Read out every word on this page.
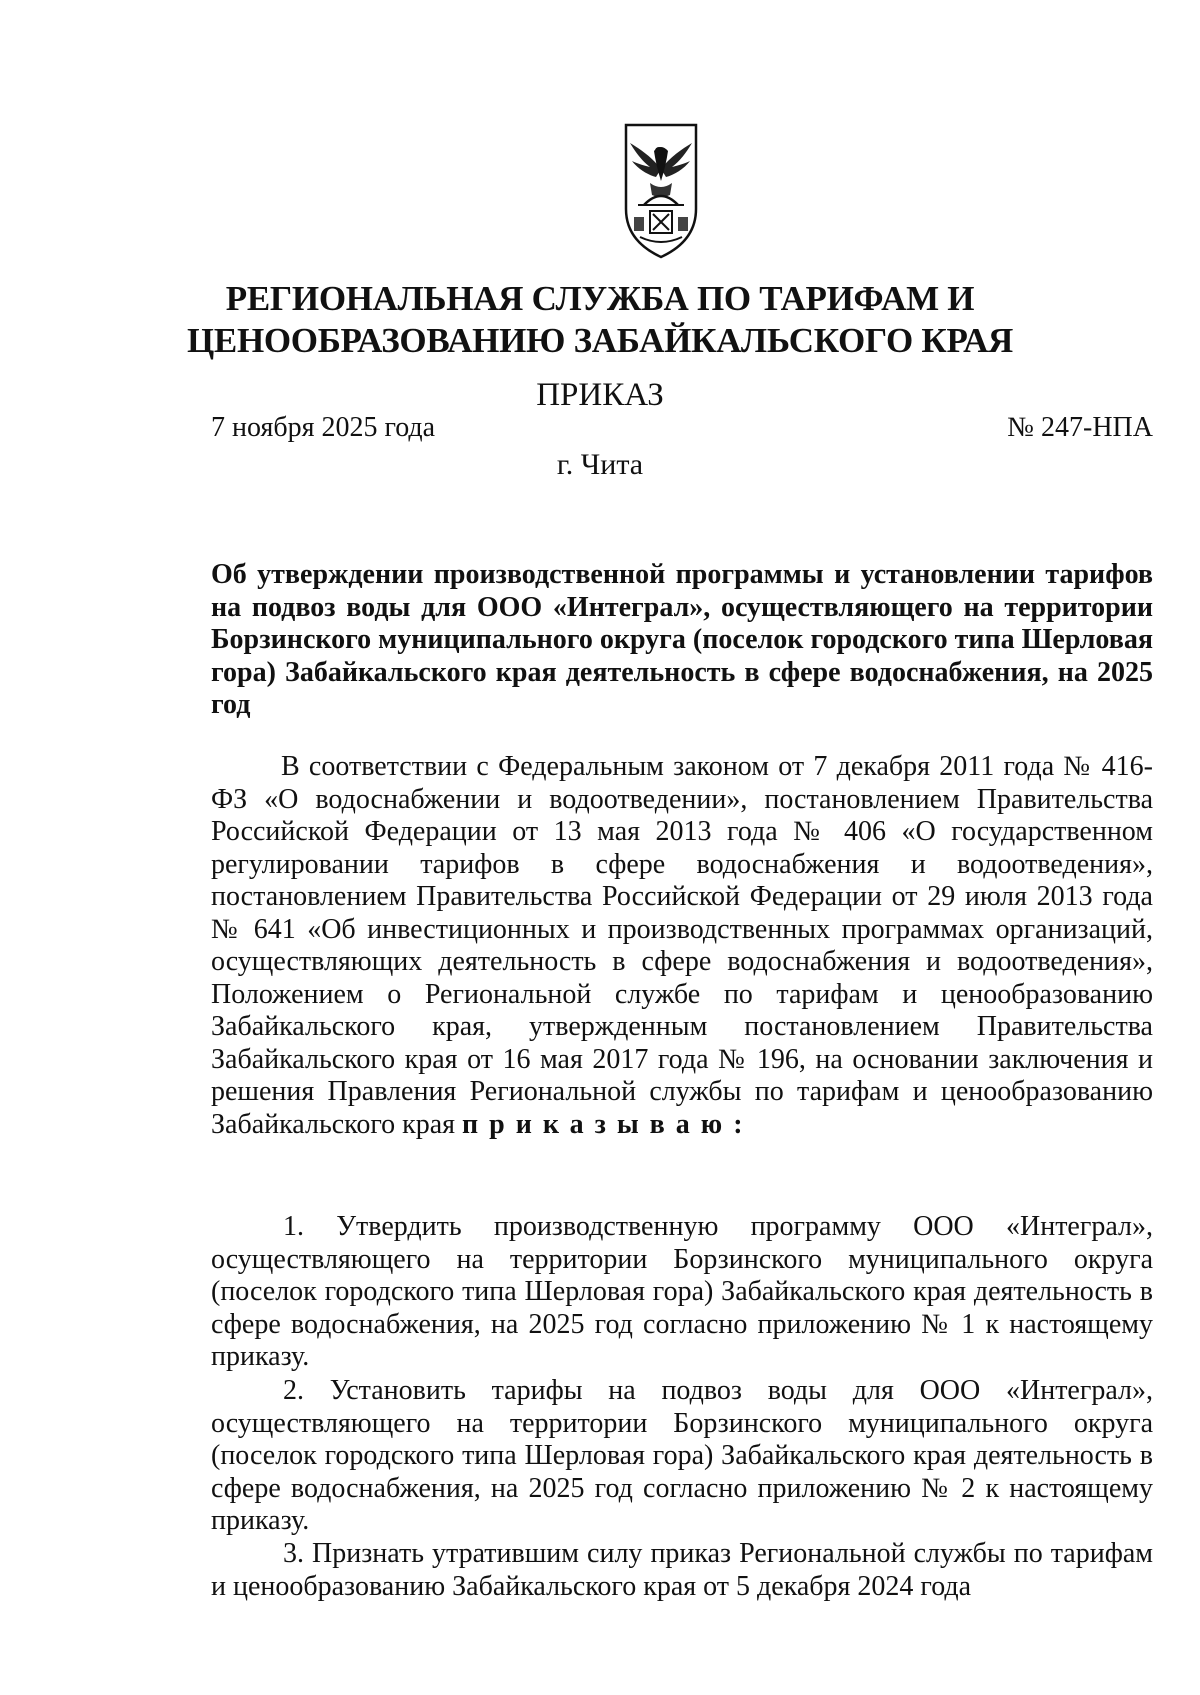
РЕГИОНАЛЬНАЯ СЛУЖБА ПО ТАРИФАМ И
ЦЕНООБРАЗОВАНИЮ ЗАБАЙКАЛЬСКОГО КРАЯ
ПРИКАЗ
7 ноября 2025 года	№ 247-НПА
г. Чита

Об утверждении производственной программы и установлении тарифов на подвоз воды для ООО «Интеграл», осуществляющего на территории Борзинского муниципального округа (поселок городского типа Шерловая гора) Забайкальского края деятельность в сфере водоснабжения, на 2025 год

В соответствии с Федеральным законом от 7 декабря 2011 года № 416-ФЗ «О водоснабжении и водоотведении», постановлением Правительства Российской Федерации от 13 мая 2013 года № 406 «О государственном регулировании тарифов в сфере водоснабжения и водоотведения», постановлением Правительства Российской Федерации от 29 июля 2013 года № 641 «Об инвестиционных и производственных программах организаций, осуществляющих деятельность в сфере водоснабжения и водоотведения», Положением о Региональной службе по тарифам и ценообразованию Забайкальского края, утвержденным постановлением Правительства Забайкальского края от 16 мая 2017 года № 196, на основании заключения и решения Правления Региональной службы по тарифам и ценообразованию Забайкальского края приказываю:

1. Утвердить производственную программу ООО «Интеграл», осуществляющего на территории Борзинского муниципального округа (поселок городского типа Шерловая гора) Забайкальского края деятельность в сфере водоснабжения, на 2025 год согласно приложению № 1 к настоящему приказу.

2. Установить тарифы на подвоз воды для ООО «Интеграл», осуществляющего на территории Борзинского муниципального округа (поселок городского типа Шерловая гора) Забайкальского края деятельность в сфере водоснабжения, на 2025 год согласно приложению № 2 к настоящему приказу.

3. Признать утратившим силу приказ Региональной службы по тарифам и ценообразованию Забайкальского края от 5 декабря 2024 года
